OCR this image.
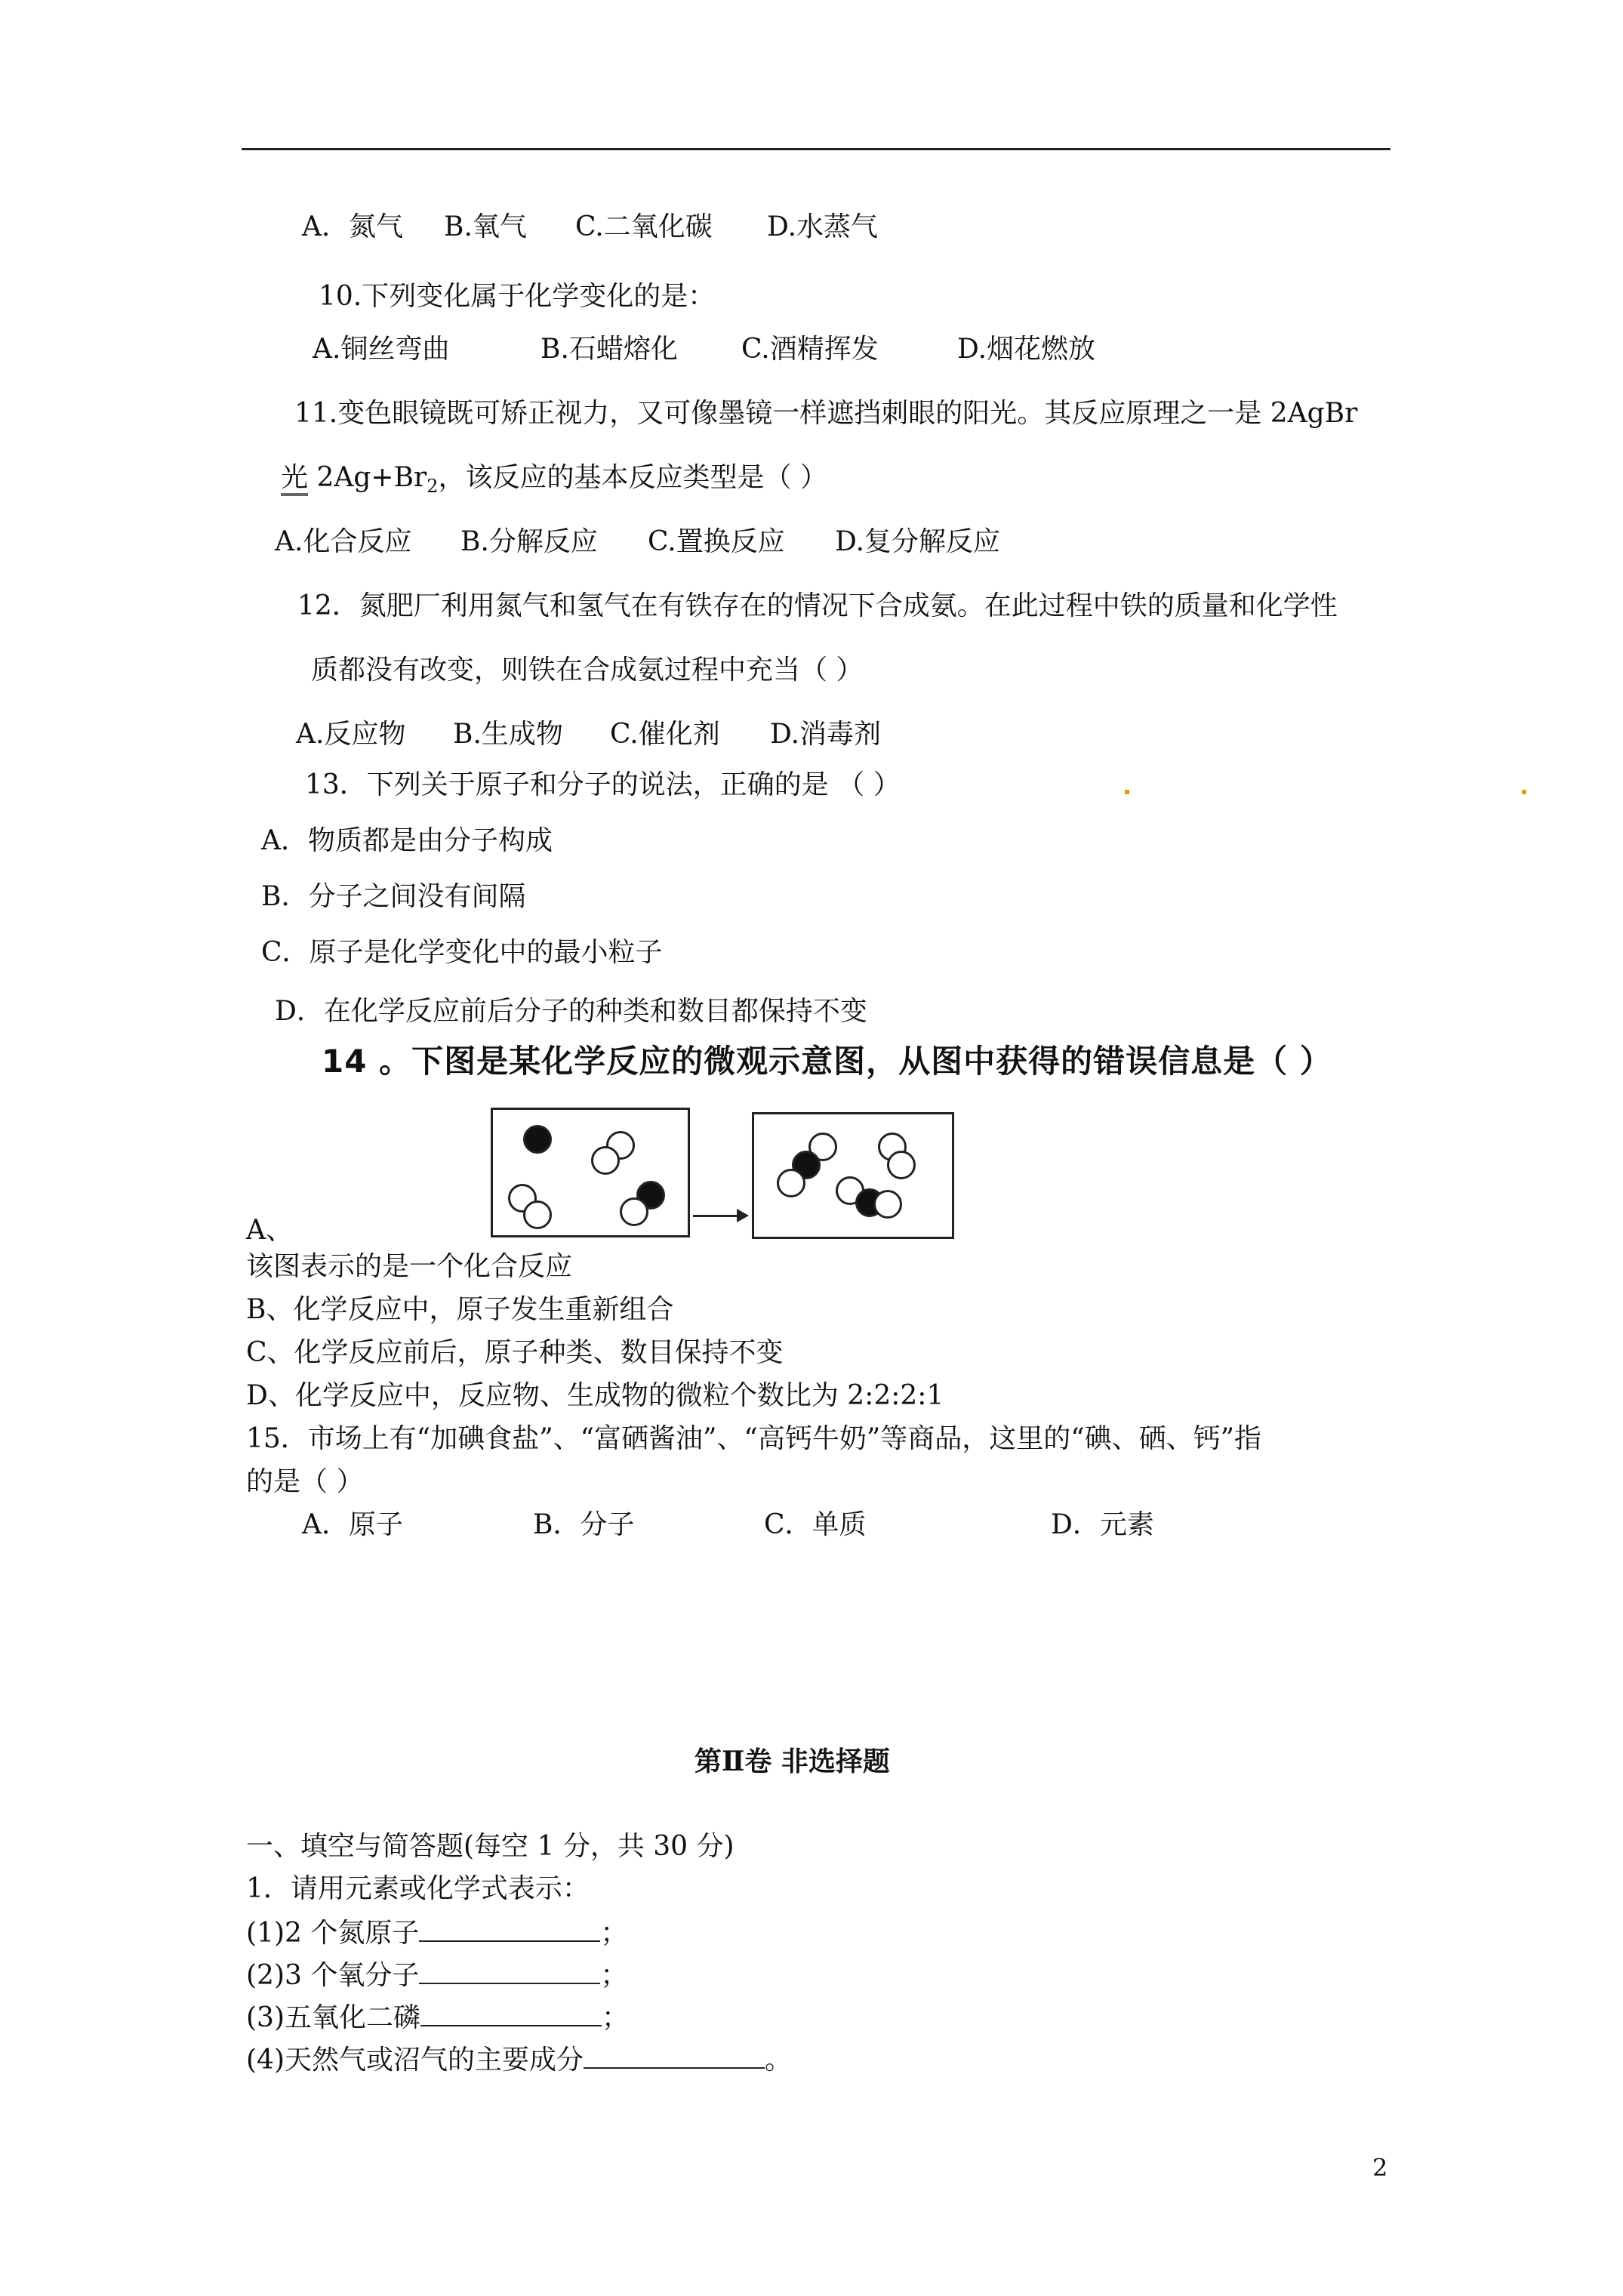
A．氮气 B.氧气 C.二氧化碳 D.水蒸气
10.下列变化属于化学变化的是：
A.铜丝弯曲	B.石蜡熔化 C.酒精挥发	D.烟花燃放
11.变色眼镜既可矫正视力，又可像墨镜一样遮挡刺眼的阳光。其反应原理之一是 2AgBr
光 $2Ag+Br_2$，该反应的基本反应类型是（ ）
A.化合反应 B.分解反应 C.置换反应 D.复分解反应
12．氮肥厂利用氮气和氢气在有铁存在的情况下合成氨。在此过程中铁的质量和化学性
质都没有改变，则铁在合成氨过程中充当（ ）
A.反应物 B.生成物 C.催化剂 D.消毒剂
13．下列关于原子和分子的说法，正确的是 （ ）
A．物质都是由分子构成
B．分子之间没有间隔
C．原子是化学变化中的最小粒子
D．在化学反应前后分子的种类和数目都保持不变
14 。下图是某化学反应的微观示意图，从图中获得的错误信息是（ ）
A、
该图表示的是一个化合反应
B、化学反应中，原子发生重新组合
C、化学反应前后，原子种类、数目保持不变
D、化学反应中，反应物、生成物的微粒个数比为 2:2:2:1
15．市场上有“加碘食盐”、“富硒酱油”、“高钙牛奶”等商品，这里的“碘、硒、钙”指
的是（ ）
A．原子	B．分子	C．单质	D．元素
第Ⅱ卷 非选择题
一、填空与简答题(每空 1 分，共 30 分)
1．请用元素或化学式表示：
(1)2 个氮原子	；
(2)3 个氧分子	；
(3)五氧化二磷	；
(4)天然气或沼气的主要成分	。
2
